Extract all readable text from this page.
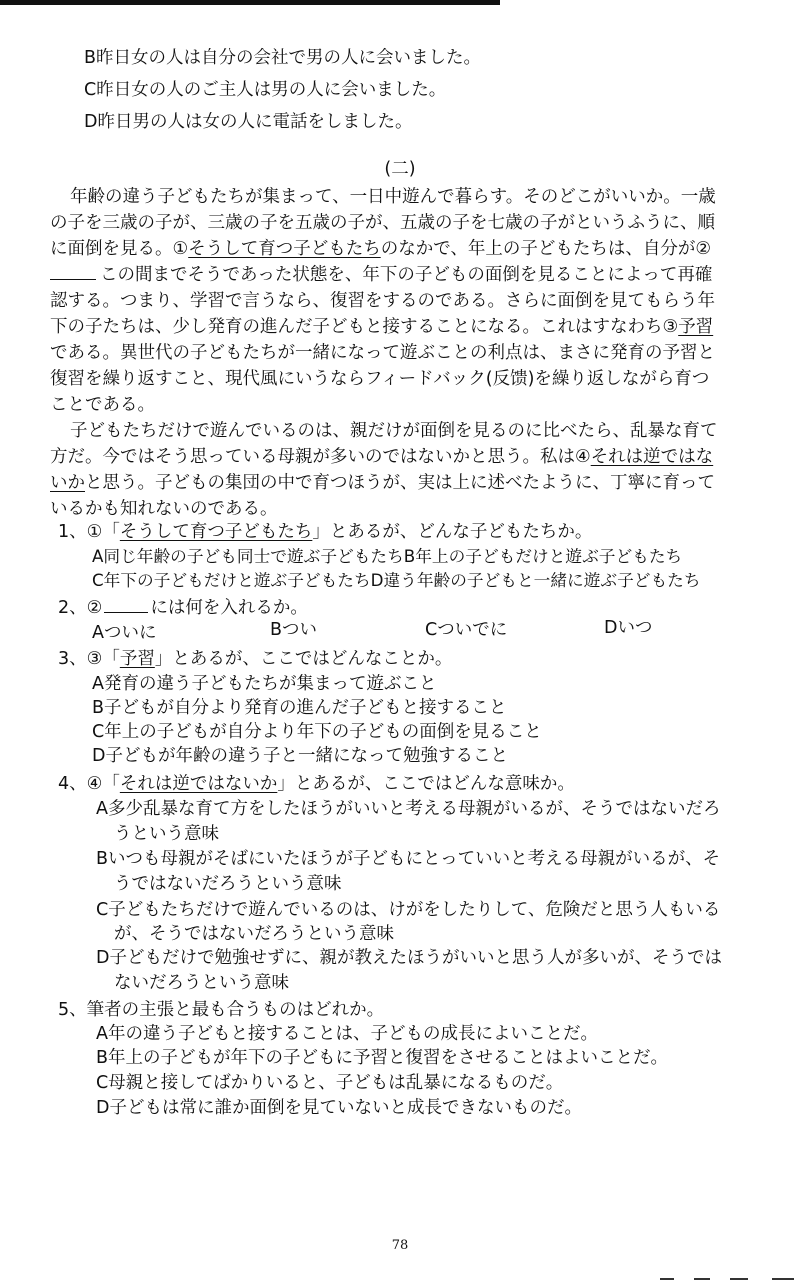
B昨日女の人は自分の会社で男の人に会いました。
C昨日女の人のご主人は男の人に会いました。
D昨日男の人は女の人に電話をしました。
(二)
年齢の違う子どもたちが集まって、一日中遊んで暮らす。そのどこがいいか。一歳
の子を三歳の子が、三歳の子を五歳の子が、五歳の子を七歳の子がというふうに、順
に面倒を見る。①そうして育つ子どもたちのなかで、年上の子どもたちは、自分が②
この間までそうであった状態を、年下の子どもの面倒を見ることによって再確
認する。つまり、学習で言うなら、復習をするのである。さらに面倒を見てもらう年
下の子たちは、少し発育の進んだ子どもと接することになる。これはすなわち③予習
である。異世代の子どもたちが一緒になって遊ぶことの利点は、まさに発育の予習と
復習を繰り返すこと、現代風にいうならフィードバック(反馈)を繰り返しながら育つ
ことである。
子どもたちだけで遊んでいるのは、親だけが面倒を見るのに比べたら、乱暴な育て
方だ。今ではそう思っている母親が多いのではないかと思う。私は④それは逆ではな
いかと思う。子どもの集団の中で育つほうが、実は上に述べたように、丁寧に育って
いるかも知れないのである。
1、①「そうして育つ子どもたち」とあるが、どんな子どもたちか。
A同じ年齢の子ども同士で遊ぶ子どもたちB年上の子どもだけと遊ぶ子どもたち
C年下の子どもだけと遊ぶ子どもたちD違う年齢の子どもと一緒に遊ぶ子どもたち
2、②	には何を入れるか。
Aついに	Bつい	Cついでに	Dいつ
3、③「予習」とあるが、ここではどんなことか。
A発育の違う子どもたちが集まって遊ぶこと
B子どもが自分より発育の進んだ子どもと接すること
C年上の子どもが自分より年下の子どもの面倒を見ること
D子どもが年齢の違う子と一緒になって勉強すること
4、④「それは逆ではないか」とあるが、ここではどんな意味か。
A多少乱暴な育て方をしたほうがいいと考える母親がいるが、そうではないだろ
うという意味
Bいつも母親がそばにいたほうが子どもにとっていいと考える母親がいるが、そ
うではないだろうという意味
C子どもたちだけで遊んでいるのは、けがをしたりして、危険だと思う人もいる
が、そうではないだろうという意味
D子どもだけで勉強せずに、親が教えたほうがいいと思う人が多いが、そうでは
ないだろうという意味
5、筆者の主張と最も合うものはどれか。
A年の違う子どもと接することは、子どもの成長によいことだ。
B年上の子どもが年下の子どもに予習と復習をさせることはよいことだ。
C母親と接してばかりいると、子どもは乱暴になるものだ。
D子どもは常に誰か面倒を見ていないと成長できないものだ。
78
